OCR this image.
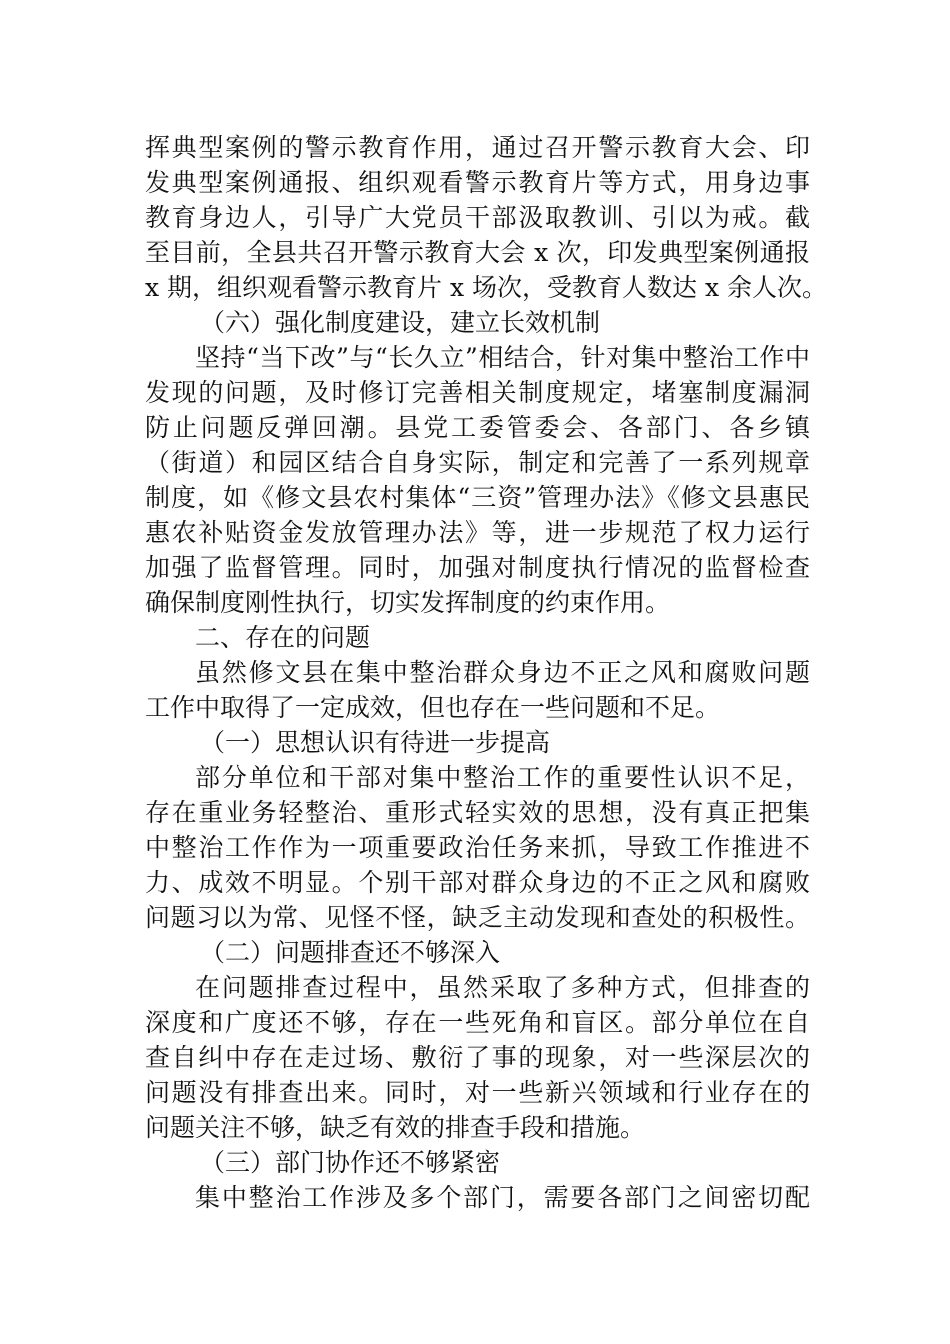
挥典型案例的警示教育作用，通过召开警示教育大会、印
发典型案例通报、组织观看警示教育片等方式，用身边事
教育身边人，引导广大党员干部汲取教训、引以为戒。截
至目前，全县共召开警示教育大会 x 次，印发典型案例通报
x 期，组织观看警示教育片 x 场次，受教育人数达 x 余人次。
（六）强化制度建设，建立长效机制
坚持“当下改”与“长久立”相结合，针对集中整治工作中
发现的问题，及时修订完善相关制度规定，堵塞制度漏洞
防止问题反弹回潮。县党工委管委会、各部门、各乡镇
（街道）和园区结合自身实际，制定和完善了一系列规章
制度，如《修文县农村集体“三资”管理办法》《修文县惠民
惠农补贴资金发放管理办法》等，进一步规范了权力运行
加强了监督管理。同时，加强对制度执行情况的监督检查
确保制度刚性执行，切实发挥制度的约束作用。
二、存在的问题
虽然修文县在集中整治群众身边不正之风和腐败问题
工作中取得了一定成效，但也存在一些问题和不足。
（一）思想认识有待进一步提高
部分单位和干部对集中整治工作的重要性认识不足，
存在重业务轻整治、重形式轻实效的思想，没有真正把集
中整治工作作为一项重要政治任务来抓，导致工作推进不
力、成效不明显。个别干部对群众身边的不正之风和腐败
问题习以为常、见怪不怪，缺乏主动发现和查处的积极性。
（二）问题排查还不够深入
在问题排查过程中，虽然采取了多种方式，但排查的
深度和广度还不够，存在一些死角和盲区。部分单位在自
查自纠中存在走过场、敷衍了事的现象，对一些深层次的
问题没有排查出来。同时，对一些新兴领域和行业存在的
问题关注不够，缺乏有效的排查手段和措施。
（三）部门协作还不够紧密
集中整治工作涉及多个部门，需要各部门之间密切配
